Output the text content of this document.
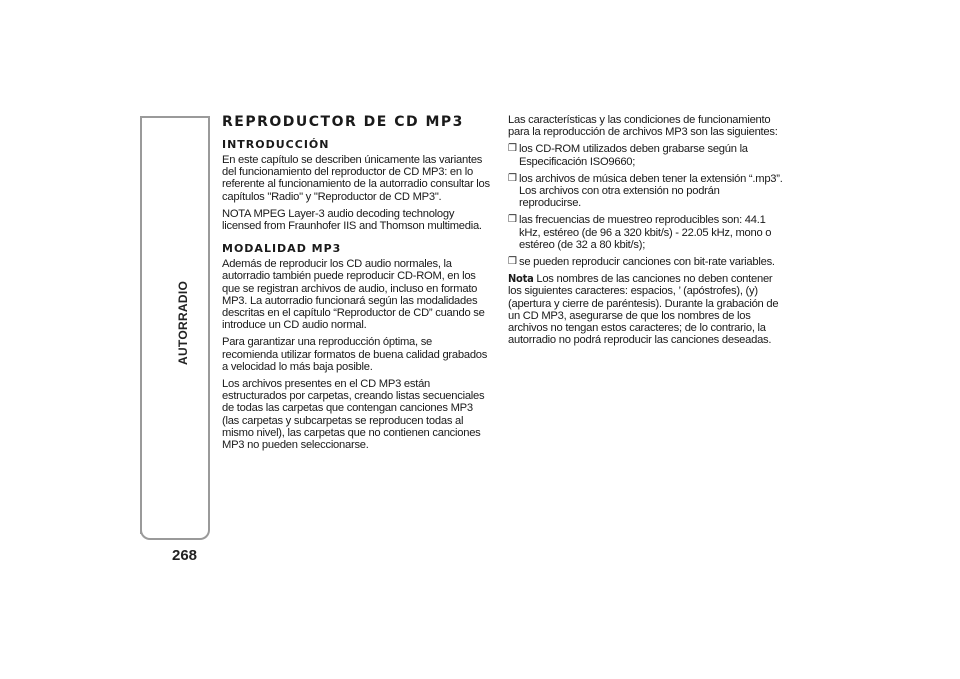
AUTORRADIO
268
REPRODUCTOR DE CD MP3
INTRODUCCIÓN

En este capítulo se describen únicamente las variantes del funcionamiento del reproductor de CD MP3: en lo referente al funcionamiento de la autorradio consultar los capítulos "Radio" y "Reproductor de CD MP3".

NOTA MPEG Layer-3 audio decoding technology licensed from Fraunhofer IIS and Thomson multimedia.

MODALIDAD MP3

Además de reproducir los CD audio normales, la autorradio también puede reproducir CD-ROM, en los que se registran archivos de audio, incluso en formato MP3. La autorradio funcionará según las modalidades descritas en el capítulo “Reproductor de CD” cuando se introduce un CD audio normal.

Para garantizar una reproducción óptima, se recomienda utilizar formatos de buena calidad grabados a velocidad lo más baja posible.

Los archivos presentes en el CD MP3 están estructurados por carpetas, creando listas secuenciales de todas las carpetas que contengan canciones MP3 (las carpetas y subcarpetas se reproducen todas al mismo nivel), las carpetas que no contienen canciones MP3 no pueden seleccionarse.

Las características y las condiciones de funcionamiento para la reproducción de archivos MP3 son las siguientes:

❒ los CD-ROM utilizados deben grabarse según la Especificación ISO9660;
❒ los archivos de música deben tener la extensión “.mp3”. Los archivos con otra extensión no podrán reproducirse.
❒ las frecuencias de muestreo reproducibles son: 44.1 kHz, estéreo (de 96 a 320 kbit/s) - 22.05 kHz, mono o estéreo (de 32 a 80 kbit/s);
❒ se pueden reproducir canciones con bit-rate variables.

Nota Los nombres de las canciones no deben contener los siguientes caracteres: espacios, ’ (apóstrofes), (y) (apertura y cierre de paréntesis). Durante la grabación de un CD MP3, asegurarse de que los nombres de los archivos no tengan estos caracteres; de lo contrario, la autorradio no podrá reproducir las canciones deseadas.
